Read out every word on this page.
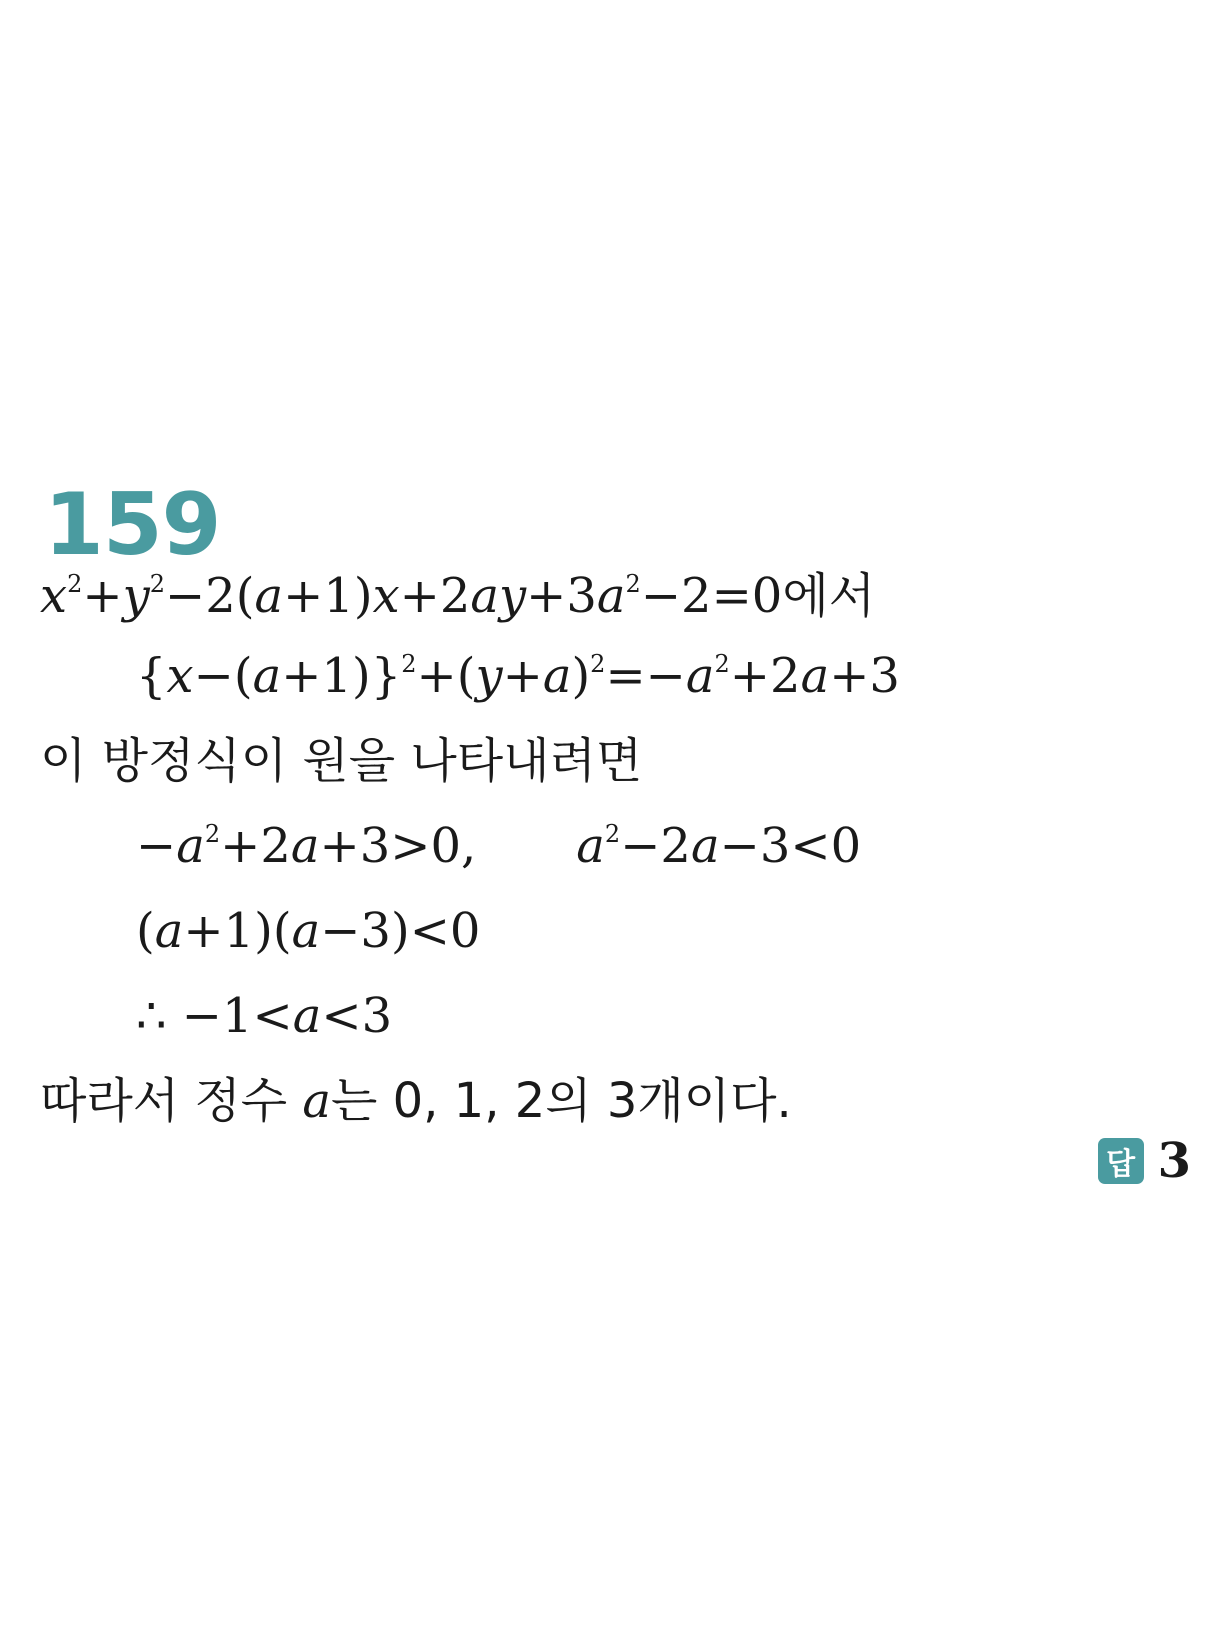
159
$x^2+y^2-2(a+1)x+2ay+3a^2-2=0$에서
$\{x-(a+1)\}^2+(y+a)^2=-a^2+2a+3$
이 방정식이 원을 나타내려면
$-a^2+2a+3>0$, $a^2-2a-3<0$
(a+1)(a−3)<0
∴ −1<a<3
따라서 정수 a는 0, 1, 2의 3개이다.
답 3
